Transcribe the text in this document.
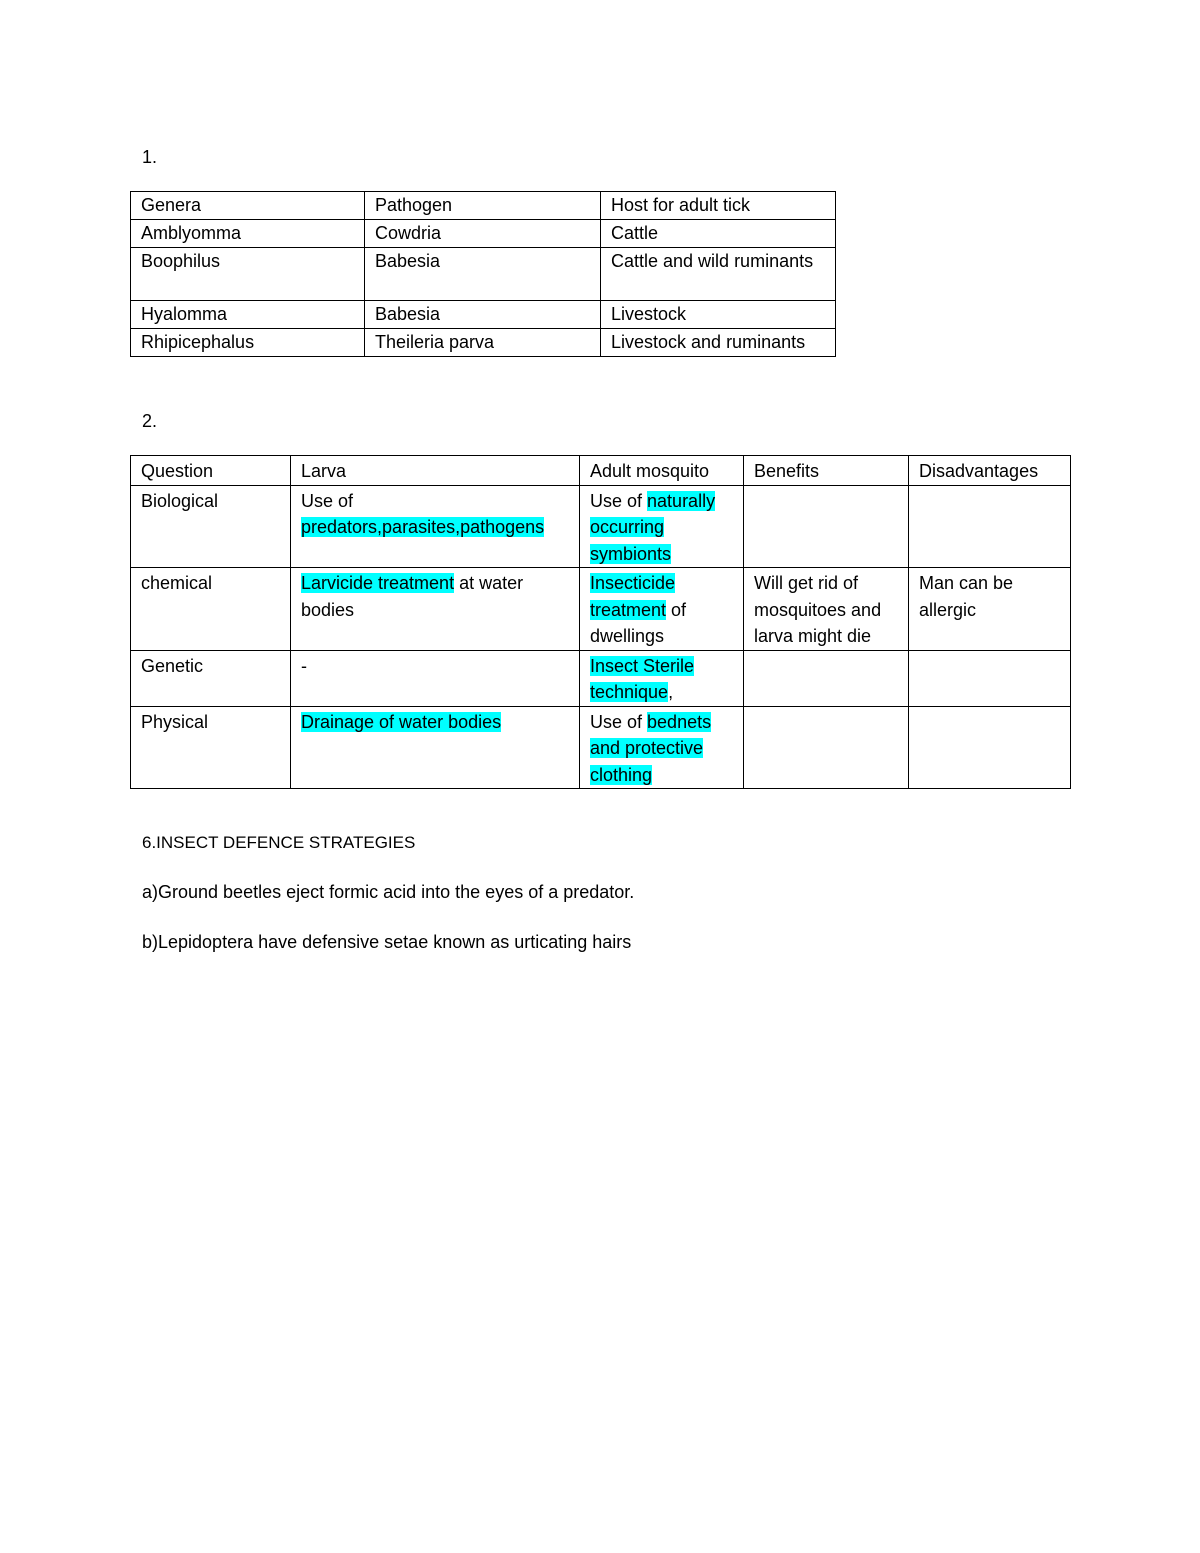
1.
Genera	Pathogen	Host for adult tick
Amblyomma	Cowdria	Cattle
Boophilus	Babesia	Cattle and wild ruminants
Hyalomma	Babesia	Livestock
Rhipicephalus	Theileria parva	Livestock and ruminants
2.
Question	Larva	Adult mosquito	Benefits	Disadvantages
Biological	Use of predators,parasites,pathogens	Use of naturally occurring symbionts		
chemical	Larvicide treatment at water bodies	Insecticide treatment of dwellings	Will get rid of mosquitoes and larva might die	Man can be allergic
Genetic	-	Insect Sterile technique,		
Physical	Drainage of water bodies	Use of bednets and protective clothing		
6.INSECT DEFENCE STRATEGIES
a)Ground beetles eject formic acid into the eyes of a predator.
b)Lepidoptera have defensive setae known as urticating hairs
